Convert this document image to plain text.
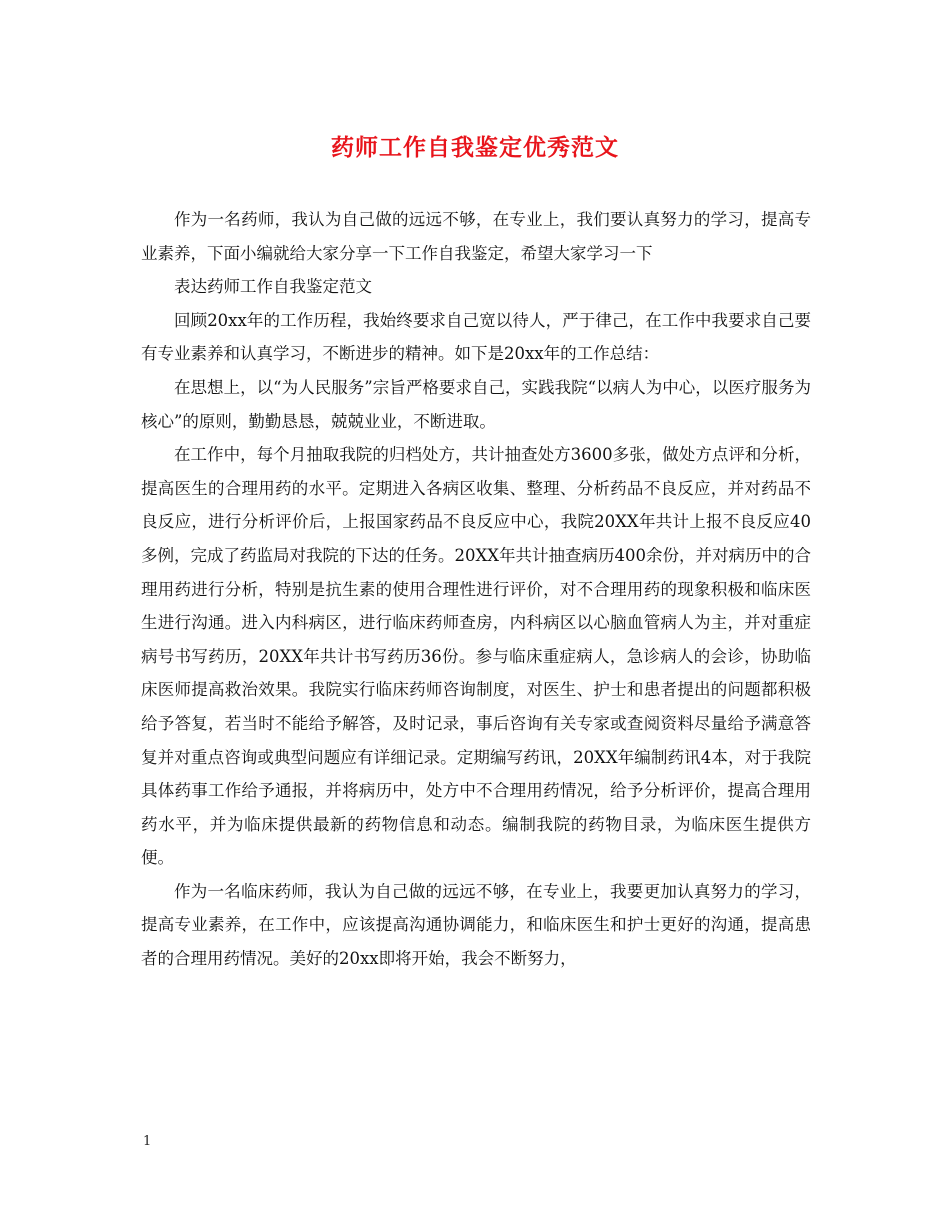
药师工作自我鉴定优秀范文

作为一名药师，我认为自己做的远远不够，在专业上，我们要认真努力的学习，提高专业素养，下面小编就给大家分享一下工作自我鉴定，希望大家学习一下

表达药师工作自我鉴定范文

回顾20xx年的工作历程，我始终要求自己宽以待人，严于律己，在工作中我要求自己要有专业素养和认真学习，不断进步的精神。如下是20xx年的工作总结：

在思想上，以“为人民服务”宗旨严格要求自己，实践我院“以病人为中心，以医疗服务为核心”的原则，勤勤恳恳，兢兢业业，不断进取。

在工作中，每个月抽取我院的归档处方，共计抽查处方3600多张，做处方点评和分析，提高医生的合理用药的水平。定期进入各病区收集、整理、分析药品不良反应，并对药品不良反应，进行分析评价后，上报国家药品不良反应中心，我院20XX年共计上报不良反应40多例，完成了药监局对我院的下达的任务。20XX年共计抽查病历400余份，并对病历中的合理用药进行分析，特别是抗生素的使用合理性进行评价，对不合理用药的现象积极和临床医生进行沟通。进入内科病区，进行临床药师查房，内科病区以心脑血管病人为主，并对重症病号书写药历，20XX年共计书写药历36份。参与临床重症病人，急诊病人的会诊，协助临床医师提高救治效果。我院实行临床药师咨询制度，对医生、护士和患者提出的问题都积极给予答复，若当时不能给予解答，及时记录，事后咨询有关专家或查阅资料尽量给予满意答复并对重点咨询或典型问题应有详细记录。定期编写药讯，20XX年编制药讯4本，对于我院具体药事工作给予通报，并将病历中，处方中不合理用药情况，给予分析评价，提高合理用药水平，并为临床提供最新的药物信息和动态。编制我院的药物目录，为临床医生提供方便。

作为一名临床药师，我认为自己做的远远不够，在专业上，我要更加认真努力的学习，提高专业素养，在工作中，应该提高沟通协调能力，和临床医生和护士更好的沟通，提高患者的合理用药情况。美好的20xx即将开始，我会不断努力，

1
